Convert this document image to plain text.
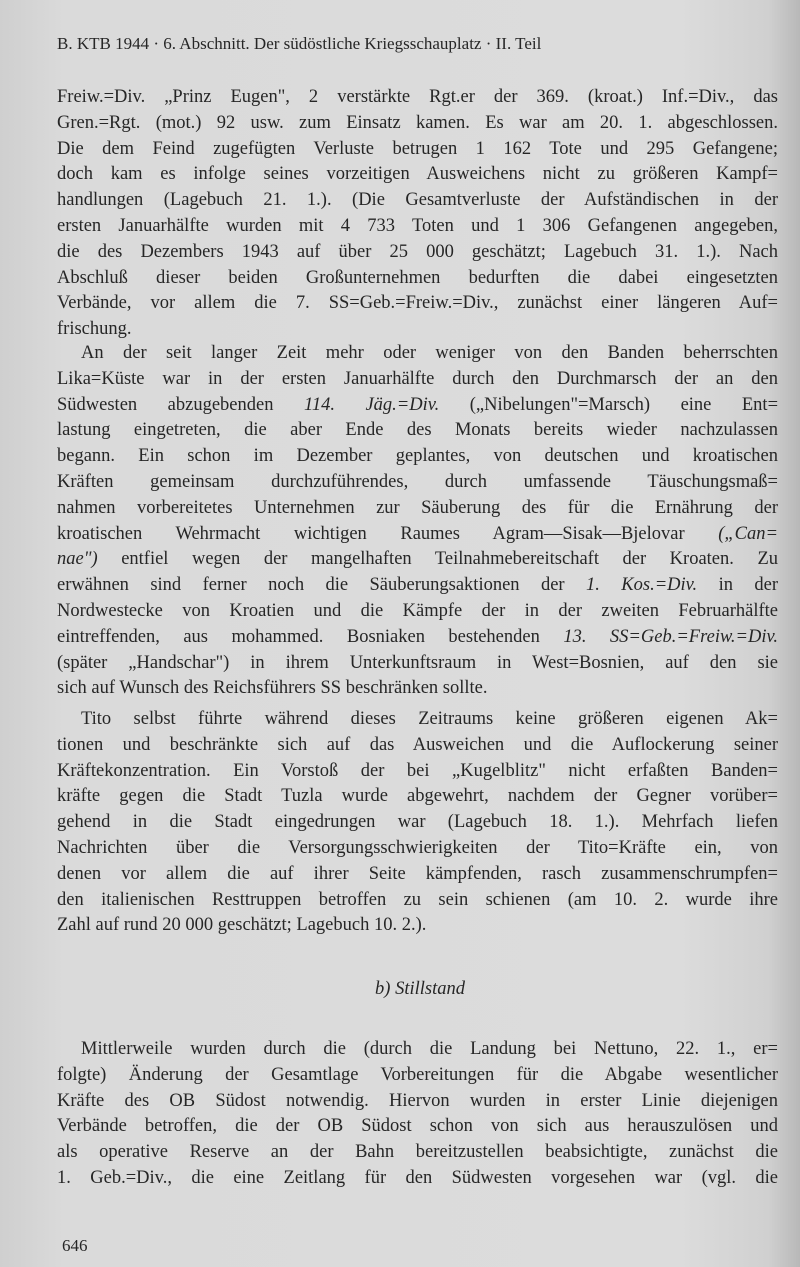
B. KTB 1944 · 6. Abschnitt. Der südöstliche Kriegsschauplatz · II. Teil
Freiw.=Div. „Prinz Eugen", 2 verstärkte Rgt.er der 369. (kroat.) Inf.=Div., das
Gren.=Rgt. (mot.) 92 usw. zum Einsatz kamen. Es war am 20. 1. abgeschlossen.
Die dem Feind zugefügten Verluste betrugen 1 162 Tote und 295 Gefangene;
doch kam es infolge seines vorzeitigen Ausweichens nicht zu größeren Kampf=
handlungen (Lagebuch 21. 1.). (Die Gesamtverluste der Aufständischen in der
ersten Januarhälfte wurden mit 4 733 Toten und 1 306 Gefangenen angegeben,
die des Dezembers 1943 auf über 25 000 geschätzt; Lagebuch 31. 1.). Nach
Abschluß dieser beiden Großunternehmen bedurften die dabei eingesetzten
Verbände, vor allem die 7. SS=Geb.=Freiw.=Div., zunächst einer längeren Auf=
frischung.
An der seit langer Zeit mehr oder weniger von den Banden beherrschten
Lika=Küste war in der ersten Januarhälfte durch den Durchmarsch der an den
Südwesten abzugebenden 114. Jäg.=Div. („Nibelungen"=Marsch) eine Ent=
lastung eingetreten, die aber Ende des Monats bereits wieder nachzulassen
begann. Ein schon im Dezember geplantes, von deutschen und kroatischen
Kräften gemeinsam durchzuführendes, durch umfassende Täuschungsmaß=
nahmen vorbereitetes Unternehmen zur Säuberung des für die Ernährung der
kroatischen Wehrmacht wichtigen Raumes Agram—Sisak—Bjelovar („Can=
nae") entfiel wegen der mangelhaften Teilnahmebereitschaft der Kroaten. Zu
erwähnen sind ferner noch die Säuberungsaktionen der 1. Kos.=Div. in der
Nordwestecke von Kroatien und die Kämpfe der in der zweiten Februarhälfte
eintreffenden, aus mohammed. Bosniaken bestehenden 13. SS=Geb.=Freiw.=Div.
(später „Handschar") in ihrem Unterkunftsraum in West=Bosnien, auf den sie
sich auf Wunsch des Reichsführers SS beschränken sollte.
Tito selbst führte während dieses Zeitraums keine größeren eigenen Ak=
tionen und beschränkte sich auf das Ausweichen und die Auflockerung seiner
Kräftekonzentration. Ein Vorstoß der bei „Kugelblitz" nicht erfaßten Banden=
kräfte gegen die Stadt Tuzla wurde abgewehrt, nachdem der Gegner vorüber=
gehend in die Stadt eingedrungen war (Lagebuch 18. 1.). Mehrfach liefen
Nachrichten über die Versorgungsschwierigkeiten der Tito=Kräfte ein, von
denen vor allem die auf ihrer Seite kämpfenden, rasch zusammenschrumpfen=
den italienischen Resttruppen betroffen zu sein schienen (am 10. 2. wurde ihre
Zahl auf rund 20 000 geschätzt; Lagebuch 10. 2.).
b) Stillstand
Mittlerweile wurden durch die (durch die Landung bei Nettuno, 22. 1., er=
folgte) Änderung der Gesamtlage Vorbereitungen für die Abgabe wesentlicher
Kräfte des OB Südost notwendig. Hiervon wurden in erster Linie diejenigen
Verbände betroffen, die der OB Südost schon von sich aus herauszulösen und
als operative Reserve an der Bahn bereitzustellen beabsichtigte, zunächst die
1. Geb.=Div., die eine Zeitlang für den Südwesten vorgesehen war (vgl. die
646
